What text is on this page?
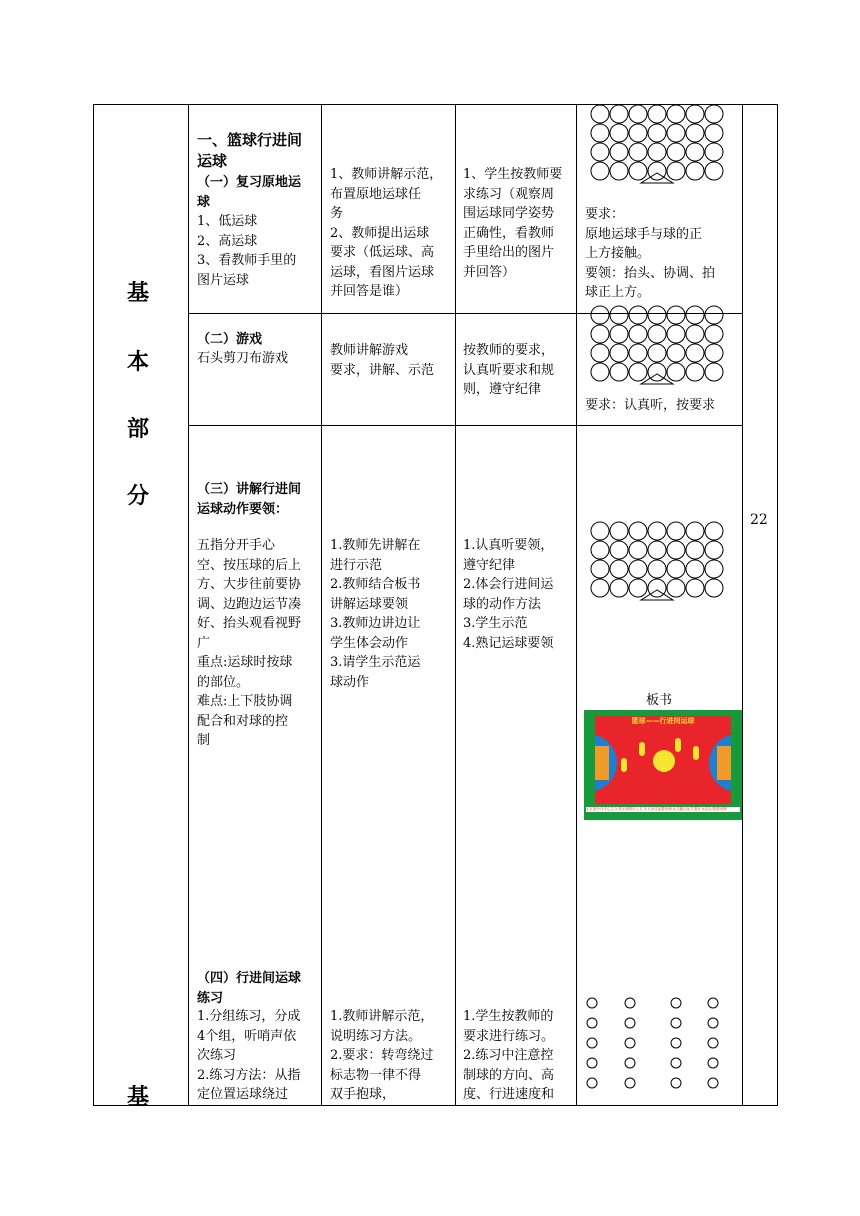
基
本
部
分
基
22
一、篮球行进间
运球
（一）复习原地运
球
1、低运球
2、高运球
3、看教师手里的
图片运球
1、教师讲解示范，
布置原地运球任
务
2、教师提出运球
要求（低运球、高
运球，看图片运球
并回答是谁）
1、学生按教师要
求练习（观察周
围运球同学姿势
正确性，看教师
手里给出的图片
并回答）
要求：
原地运球手与球的正
上方接触。
要领：抬头、协调、拍
球正上方。
（二）游戏
石头剪刀布游戏
教师讲解游戏
要求，讲解、示范
按教师的要求，
认真听要求和规
则，遵守纪律
要求：认真听，按要求
（三）讲解行进间
运球动作要领：
五指分开手心
空、按压球的后上
方、大步往前要协
调、边跑边运节凑
好、抬头观看视野
广
重点:运球时按球
的部位。
难点:上下肢协调
配合和对球的控
制
1.教师先讲解在
进行示范
2.教师结合板书
讲解运球要领
3.教师边讲边让
学生体会动作
3.请学生示范运
球动作
1.认真听要领，
遵守纪律
2.体会行进间运
球的动作方法
3.学生示范
4.熟记运球要领
板书
（四）行进间运球
练习
1.分组练习，分成
4个组，听哨声依
次练习
2.练习方法：从指
定位置运球绕过
1.教师讲解示范，
说明练习方法。
2.要求：转弯绕过
标志物一律不得
双手抱球，
1.学生按教师的
要求进行练习。
2.练习中注意控
制球的方向、高
度、行进速度和
篮球——行进间运球
1.五指分开手心空 2.按压球的后上方 3.大步往前要协调 4.边跑边运节凑好 5.抬头观看视野广
